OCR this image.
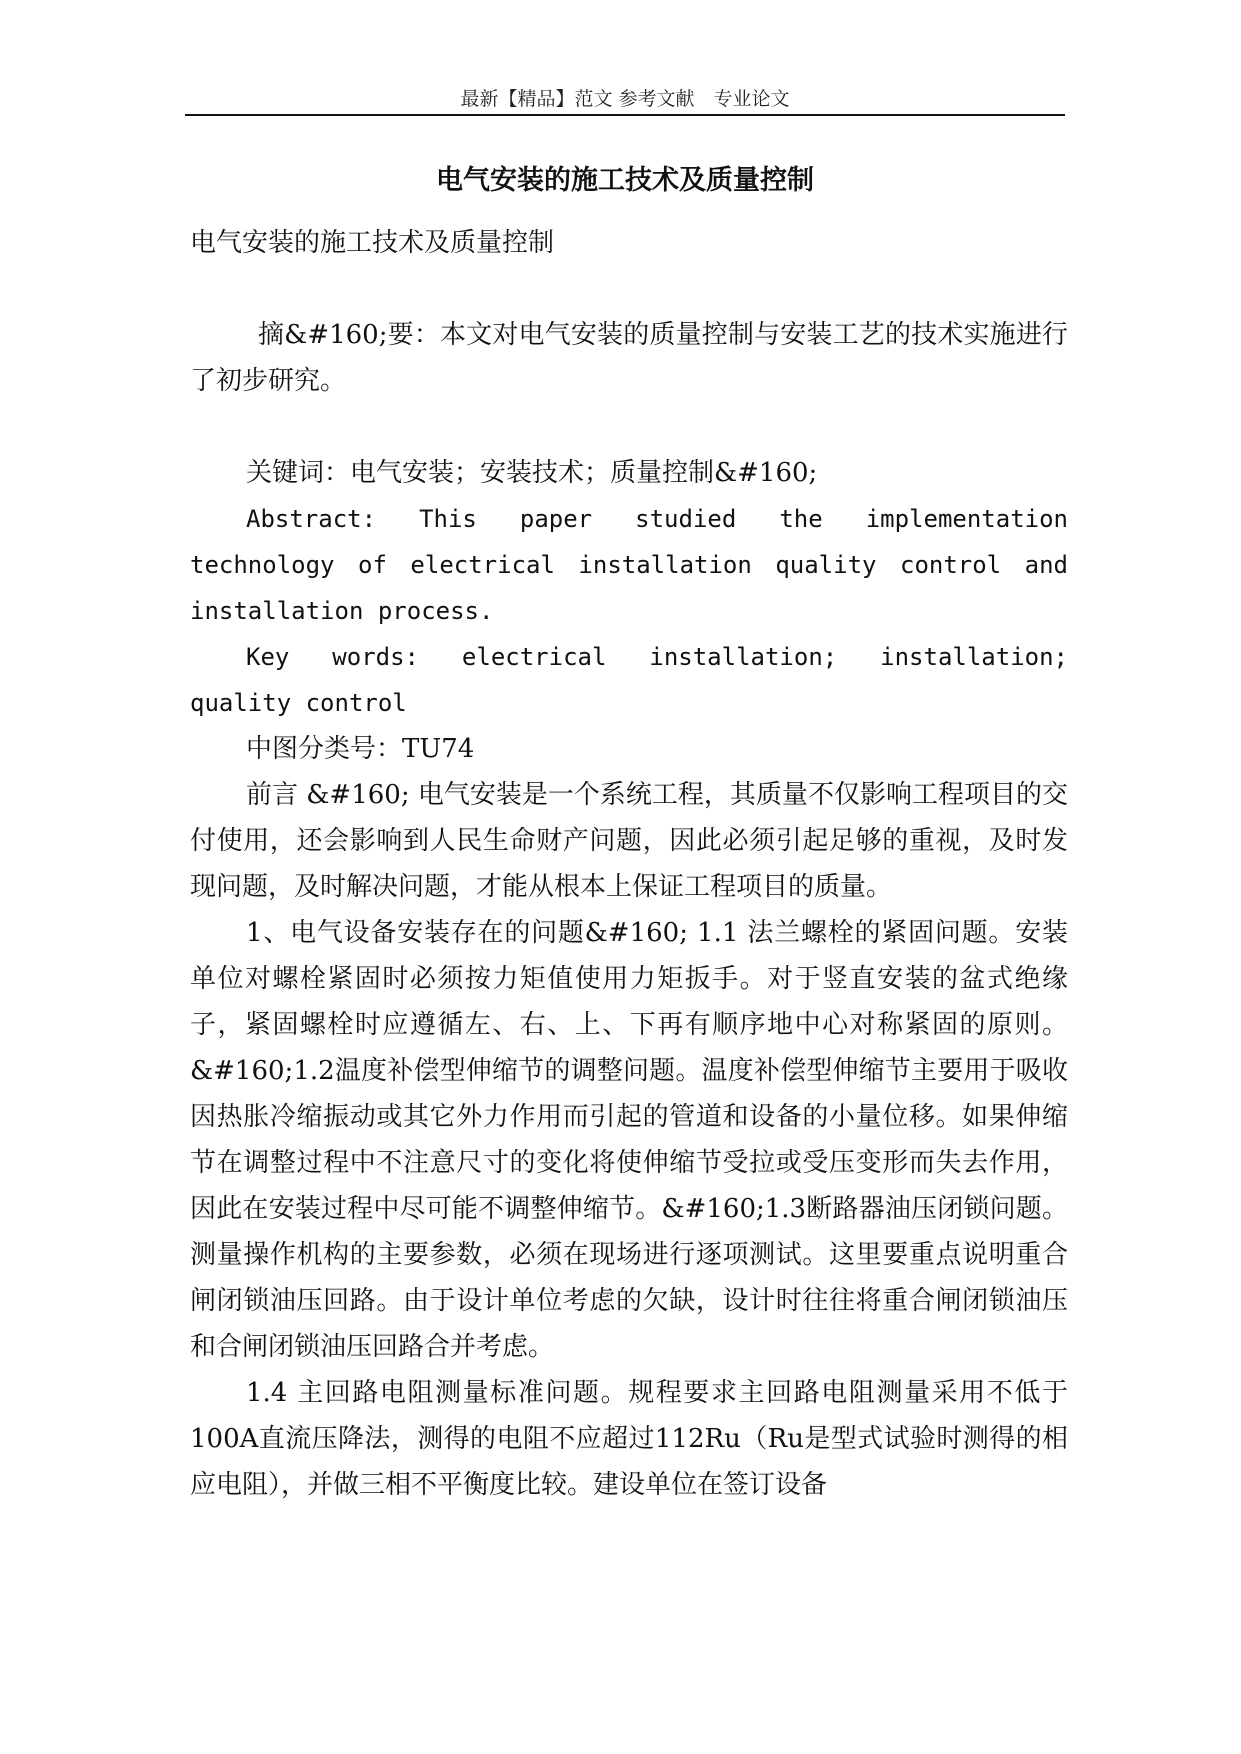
最新【精品】范文 参考文献　专业论文
电气安装的施工技术及质量控制

电气安装的施工技术及质量控制

摘&#160;要：本文对电气安装的质量控制与安装工艺的技术实施进行了初步研究。

关键词：电气安装；安装技术；质量控制&#160;

Abstract: This paper studied the implementation technology of electrical installation quality control and installation process.

Key words: electrical installation; installation; quality control

中图分类号：TU74

前言 &#160; 电气安装是一个系统工程，其质量不仅影响工程项目的交付使用，还会影响到人民生命财产问题，因此必须引起足够的重视，及时发现问题，及时解决问题，才能从根本上保证工程项目的质量。

1、电气设备安装存在的问题&#160; 1.1 法兰螺栓的紧固问题。安装单位对螺栓紧固时必须按力矩值使用力矩扳手。对于竖直安装的盆式绝缘子，紧固螺栓时应遵循左、右、上、下再有顺序地中心对称紧固的原则。&#160;1.2温度补偿型伸缩节的调整问题。温度补偿型伸缩节主要用于吸收因热胀冷缩振动或其它外力作用而引起的管道和设备的小量位移。如果伸缩节在调整过程中不注意尺寸的变化将使伸缩节受拉或受压变形而失去作用，因此在安装过程中尽可能不调整伸缩节。&#160;1.3断路器油压闭锁问题。测量操作机构的主要参数，必须在现场进行逐项测试。这里要重点说明重合闸闭锁油压回路。由于设计单位考虑的欠缺，设计时往往将重合闸闭锁油压和合闸闭锁油压回路合并考虑。

1.4 主回路电阻测量标准问题。规程要求主回路电阻测量采用不低于100A直流压降法，测得的电阻不应超过112Ru（Ru是型式试验时测得的相应电阻），并做三相不平衡度比较。建设单位在签订设备
